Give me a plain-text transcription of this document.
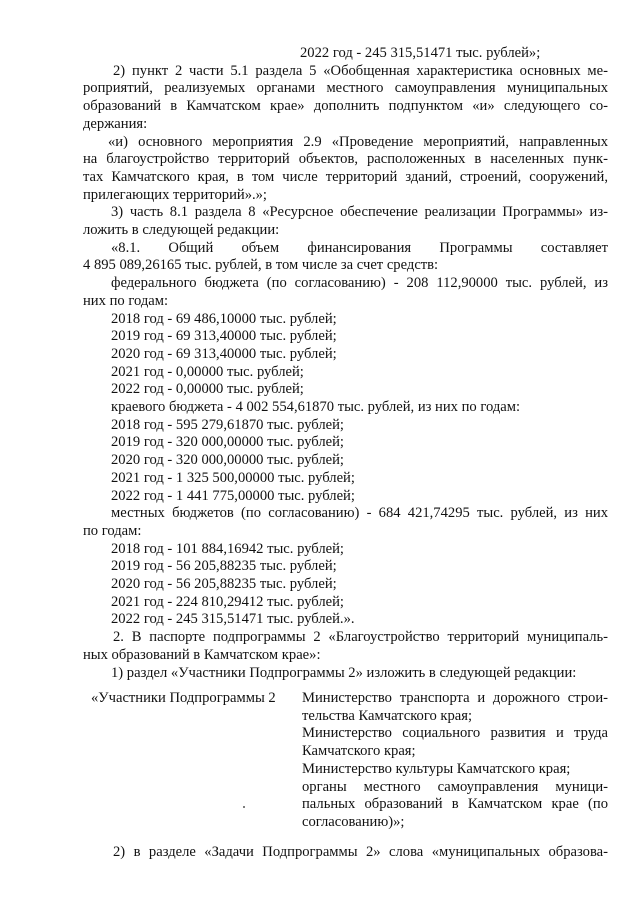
2022 год - 245 315,51471 тыс. рублей»;
2) пункт 2 части 5.1 раздела 5 «Обобщенная характеристика основных ме-
роприятий, реализуемых органами местного самоуправления муниципальных
образований в Камчатском крае» дополнить подпунктом «и» следующего со-
держания:
«и) основного мероприятия 2.9 «Проведение мероприятий, направленных
на благоустройство территорий объектов, расположенных в населенных пунк-
тах Камчатского края, в том числе территорий зданий, строений, сооружений,
прилегающих территорий».»;
3) часть 8.1 раздела 8 «Ресурсное обеспечение реализации Программы» из-
ложить в следующей редакции:
«8.1. Общий объем финансирования Программы составляет
4 895 089,26165 тыс. рублей, в том числе за счет средств:
федерального бюджета (по согласованию) - 208 112,90000 тыс. рублей, из
них по годам:
2018 год - 69 486,10000 тыс. рублей;
2019 год - 69 313,40000 тыс. рублей;
2020 год - 69 313,40000 тыс. рублей;
2021 год - 0,00000 тыс. рублей;
2022 год - 0,00000 тыс. рублей;
краевого бюджета - 4 002 554,61870 тыс. рублей, из них по годам:
2018 год - 595 279,61870 тыс. рублей;
2019 год - 320 000,00000 тыс. рублей;
2020 год - 320 000,00000 тыс. рублей;
2021 год - 1 325 500,00000 тыс. рублей;
2022 год - 1 441 775,00000 тыс. рублей;
местных бюджетов (по согласованию) - 684 421,74295 тыс. рублей, из них
по годам:
2018 год - 101 884,16942 тыс. рублей;
2019 год - 56 205,88235 тыс. рублей;
2020 год - 56 205,88235 тыс. рублей;
2021 год - 224 810,29412 тыс. рублей;
2022 год - 245 315,51471 тыс. рублей.».
2. В паспорте подпрограммы 2 «Благоустройство территорий муниципаль-
ных образований в Камчатском крае»:
1) раздел «Участники Подпрограммы 2» изложить в следующей редакции:
«Участники Подпрограммы 2 Министерство транспорта и дорожного строи-
тельства Камчатского края;
Министерство социального развития и труда
Камчатского края;
Министерство культуры Камчатского края;
органы местного самоуправления муници-
пальных образований в Камчатском крае (по
согласованию)»;
2) в разделе «Задачи Подпрограммы 2» слова «муниципальных образова-
